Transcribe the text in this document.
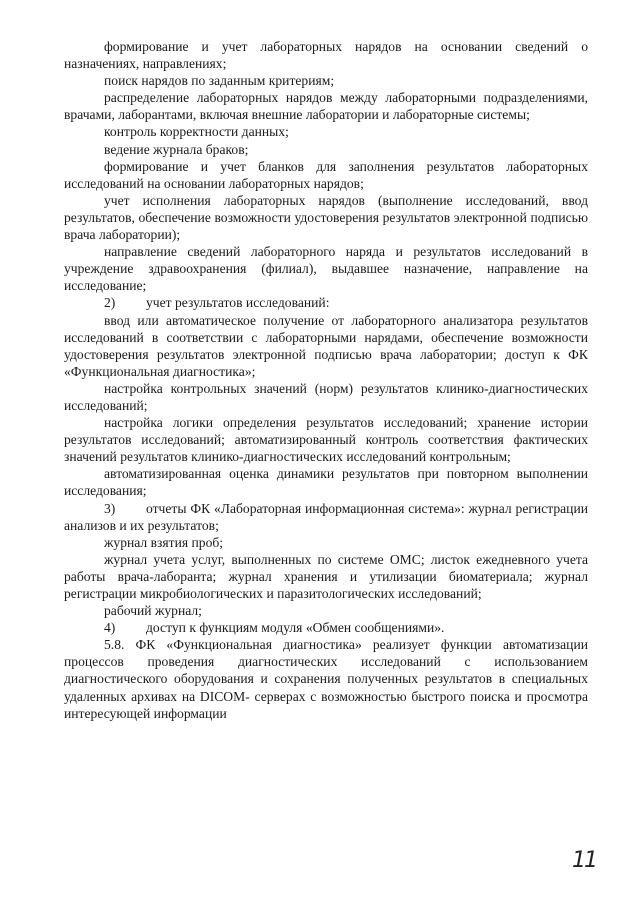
формирование и учет лабораторных нарядов на основании сведений о назначениях, направлениях;

поиск нарядов по заданным критериям;

распределение лабораторных нарядов между лабораторными подразделениями, врачами, лаборантами, включая внешние лаборатории и лабораторные системы;

контроль корректности данных;

ведение журнала браков;

формирование и учет бланков для заполнения результатов лабораторных исследований на основании лабораторных нарядов;

учет исполнения лабораторных нарядов (выполнение исследований, ввод результатов, обеспечение возможности удостоверения результатов электронной подписью врача лаборатории);

направление сведений лабораторного наряда и результатов исследований в учреждение здравоохранения (филиал), выдавшее назначение, направление на исследование;

2) учет результатов исследований:

ввод или автоматическое получение от лабораторного анализатора результатов исследований в соответствии с лабораторными нарядами, обеспечение возможности удостоверения результатов электронной подписью врача лаборатории; доступ к ФК «Функциональная диагностика»;

настройка контрольных значений (норм) результатов клинико-диагностических исследований;

настройка логики определения результатов исследований; хранение истории результатов исследований; автоматизированный контроль соответствия фактических значений результатов клинико-диагностических исследований контрольным;

автоматизированная оценка динамики результатов при повторном выполнении исследования;

3) отчеты ФК «Лабораторная информационная система»: журнал регистрации анализов и их результатов;

журнал взятия проб;

журнал учета услуг, выполненных по системе ОМС; листок ежедневного учета работы врача-лаборанта; журнал хранения и утилизации биоматериала; журнал регистрации микробиологических и паразитологических исследований;

рабочий журнал;

4) доступ к функциям модуля «Обмен сообщениями».

5.8. ФК «Функциональная диагностика» реализует функции автоматизации процессов проведения диагностических исследований с использованием диагностического оборудования и сохранения полученных результатов в специальных удаленных архивах на DICOM- серверах с возможностью быстрого поиска и просмотра интересующей информации

11
